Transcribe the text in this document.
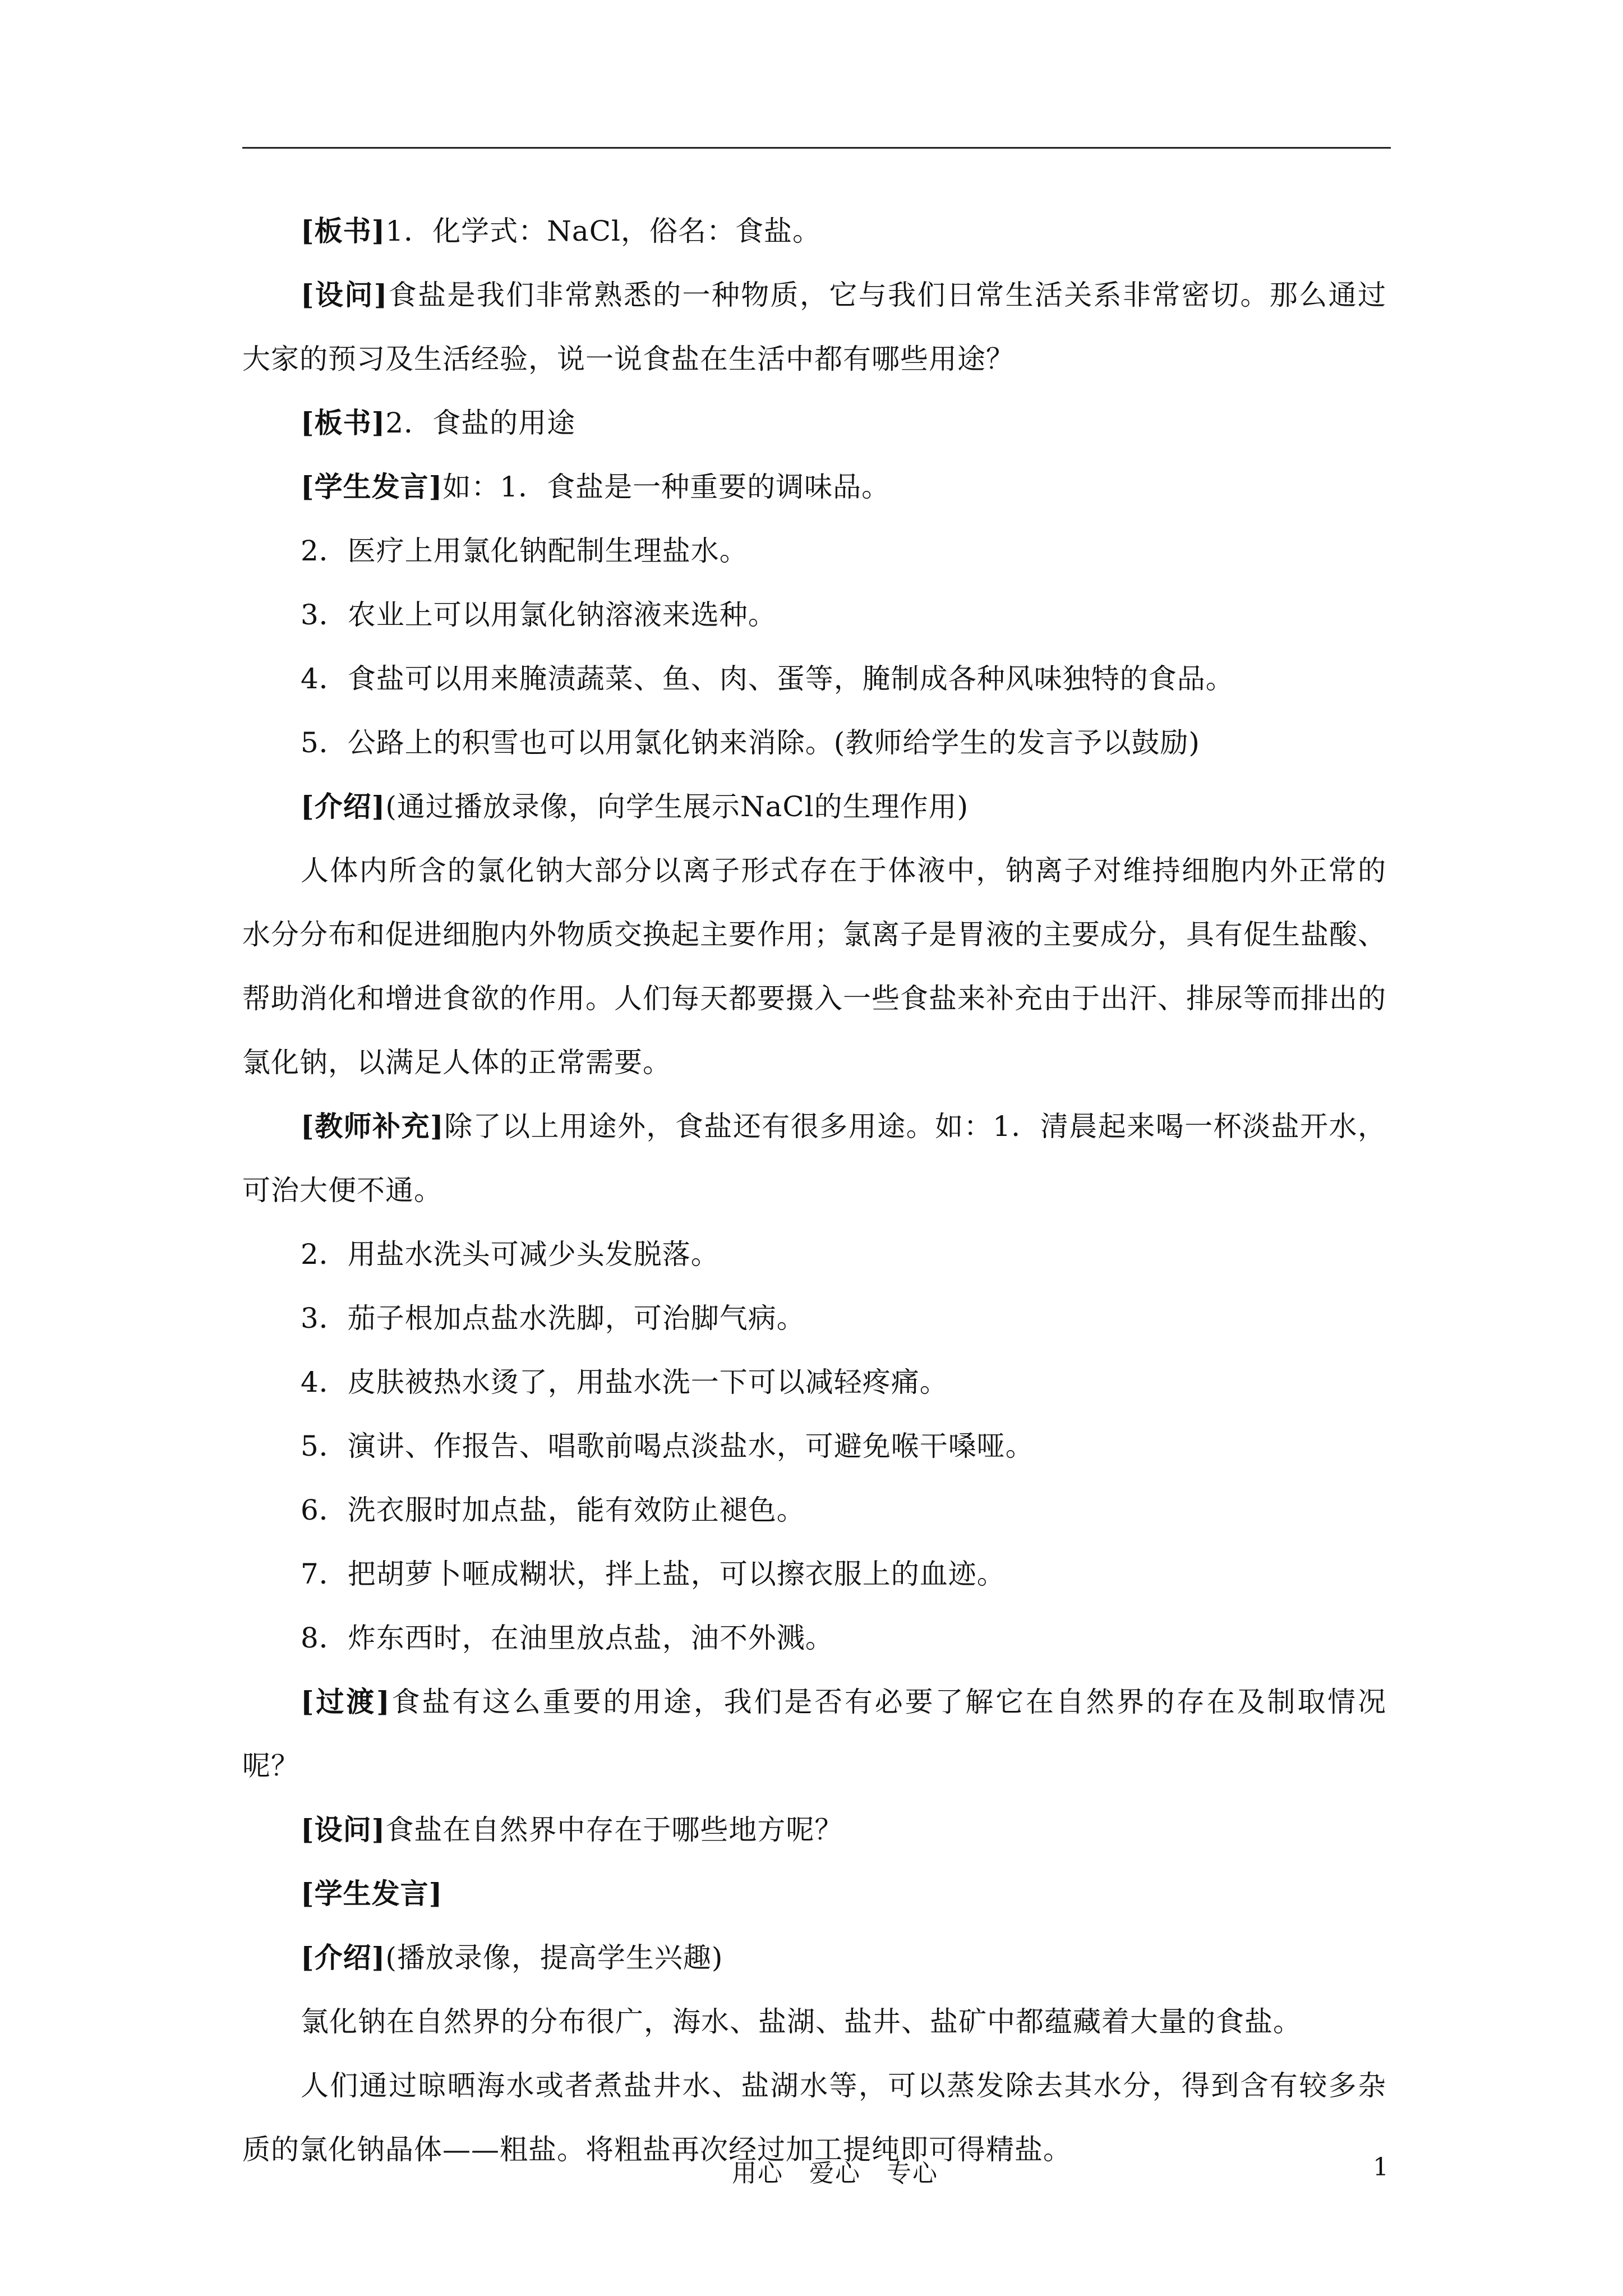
[板书]1．化学式：NaCl，俗名：食盐。

[设问]食盐是我们非常熟悉的一种物质，它与我们日常生活关系非常密切。那么通过大家的预习及生活经验，说一说食盐在生活中都有哪些用途？

[板书]2．食盐的用途

[学生发言]如：1．食盐是一种重要的调味品。

2．医疗上用氯化钠配制生理盐水。

3．农业上可以用氯化钠溶液来选种。

4．食盐可以用来腌渍蔬菜、鱼、肉、蛋等，腌制成各种风味独特的食品。

5．公路上的积雪也可以用氯化钠来消除。(教师给学生的发言予以鼓励)

[介绍](通过播放录像，向学生展示NaCl的生理作用)

人体内所含的氯化钠大部分以离子形式存在于体液中，钠离子对维持细胞内外正常的水分分布和促进细胞内外物质交换起主要作用；氯离子是胃液的主要成分，具有促生盐酸、帮助消化和增进食欲的作用。人们每天都要摄入一些食盐来补充由于出汗、排尿等而排出的氯化钠，以满足人体的正常需要。

[教师补充]除了以上用途外，食盐还有很多用途。如：1．清晨起来喝一杯淡盐开水，可治大便不通。

2．用盐水洗头可减少头发脱落。

3．茄子根加点盐水洗脚，可治脚气病。

4．皮肤被热水烫了，用盐水洗一下可以减轻疼痛。

5．演讲、作报告、唱歌前喝点淡盐水，可避免喉干嗓哑。

6．洗衣服时加点盐，能有效防止褪色。

7．把胡萝卜咂成糊状，拌上盐，可以擦衣服上的血迹。

8．炸东西时，在油里放点盐，油不外溅。

[过渡]食盐有这么重要的用途，我们是否有必要了解它在自然界的存在及制取情况呢？

[设问]食盐在自然界中存在于哪些地方呢？

[学生发言]

[介绍](播放录像，提高学生兴趣)

氯化钠在自然界的分布很广，海水、盐湖、盐井、盐矿中都蕴藏着大量的食盐。

人们通过晾晒海水或者煮盐井水、盐湖水等，可以蒸发除去其水分，得到含有较多杂质的氯化钠晶体——粗盐。将粗盐再次经过加工提纯即可得精盐。

用心　爱心　专心	1
